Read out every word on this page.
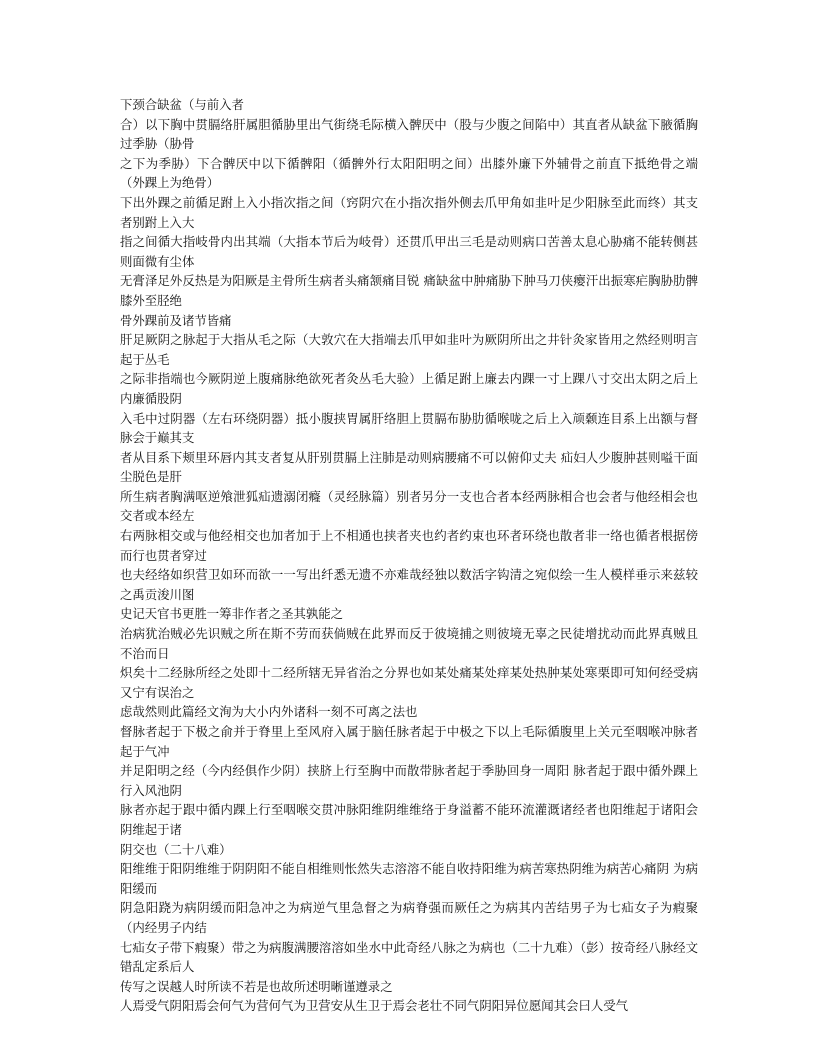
下颈合缺盆（与前入者

合）以下胸中贯膈络肝属胆循胁里出气街绕毛际横入髀厌中（股与少腹之间陷中）其直者从缺盆下腋循胸过季胁（胁骨

之下为季胁）下合髀厌中以下循髀阳（循髀外行太阳阳明之间）出膝外廉下外辅骨之前直下抵绝骨之端（外踝上为绝骨）

下出外踝之前循足跗上入小指次指之间（窍阴穴在小指次指外侧去爪甲角如韭叶足少阳脉至此而终）其支者别跗上入大

指之间循大指岐骨内出其端（大指本节后为岐骨）还贯爪甲出三毛是动则病口苦善太息心胁痛不能转侧甚则面微有尘体

无膏泽足外反热是为阳厥是主骨所生病者头痛颔痛目锐 痛缺盆中肿痛胁下肿马刀侠瘿汗出振寒疟胸胁肋髀膝外至胫绝

骨外踝前及诸节皆痛

肝足厥阴之脉起于大指从毛之际（大敦穴在大指端去爪甲如韭叶为厥阴所出之井针灸家皆用之然经则明言起于丛毛

之际非指端也今厥阴逆上腹痛脉绝欲死者灸丛毛大验）上循足跗上廉去内踝一寸上踝八寸交出太阴之后上 内廉循股阴

入毛中过阴器（左右环绕阴器）抵小腹挟胃属肝络胆上贯膈布胁肋循喉咙之后上入颃颡连目系上出额与督脉会于巅其支

者从目系下颊里环唇内其支者复从肝别贯膈上注肺是动则病腰痛不可以俯仰丈夫 疝妇人少腹肿甚则嗌干面尘脱色是肝

所生病者胸满呕逆飧泄狐疝遗溺闭癃（灵经脉篇）别者另分一支也合者本经两脉相合也会者与他经相会也交者或本经左

右两脉相交或与他经相交也加者加于上不相通也挟者夹也约者约束也环者环绕也散者非一络也循者根据傍而行也贯者穿过

也夫经络如织营卫如环而欲一一写出纤悉无遗不亦难哉经独以数活字钩清之宛似绘一生人模样垂示来兹较之禹贡浚川图

史记天官书更胜一筹非作者之圣其孰能之

治病犹治贼必先识贼之所在斯不劳而获倘贼在此界而反于彼境捕之则彼境无辜之民徒增扰动而此界真贼且不治而日

炽矣十二经脉所经之处即十二经所辖无异省治之分界也如某处痛某处痒某处热肿某处寒栗即可知何经受病又宁有误治之

虑哉然则此篇经文洵为大小内外诸科一刻不可离之法也

督脉者起于下极之俞并于脊里上至风府入属于脑任脉者起于中极之下以上毛际循腹里上关元至咽喉冲脉者起于气冲

并足阳明之经（今内经俱作少阴）挟脐上行至胸中而散带脉者起于季胁回身一周阳 脉者起于跟中循外踝上行入风池阴

脉者亦起于跟中循内踝上行至咽喉交贯冲脉阳维阴维维络于身溢蓄不能环流灌溉诸经者也阳维起于诸阳会阴维起于诸

阴交也（二十八难）

阳维维于阳阴维维于阴阴阳不能自相维则怅然失志溶溶不能自收持阳维为病苦寒热阴维为病苦心痛阴 为病阳缓而

阴急阳跷为病阴缓而阳急冲之为病逆气里急督之为病脊强而厥任之为病其内苦结男子为七疝女子为瘕聚（内经男子内结

七疝女子带下瘕聚）带之为病腹满腰溶溶如坐水中此奇经八脉之为病也（二十九难）（彭）按奇经八脉经文错乱定系后人

传写之误越人时所读不若是也故所述明晰谨遵录之

人焉受气阴阳焉会何气为营何气为卫营安从生卫于焉会老壮不同气阴阳异位愿闻其会曰人受气
